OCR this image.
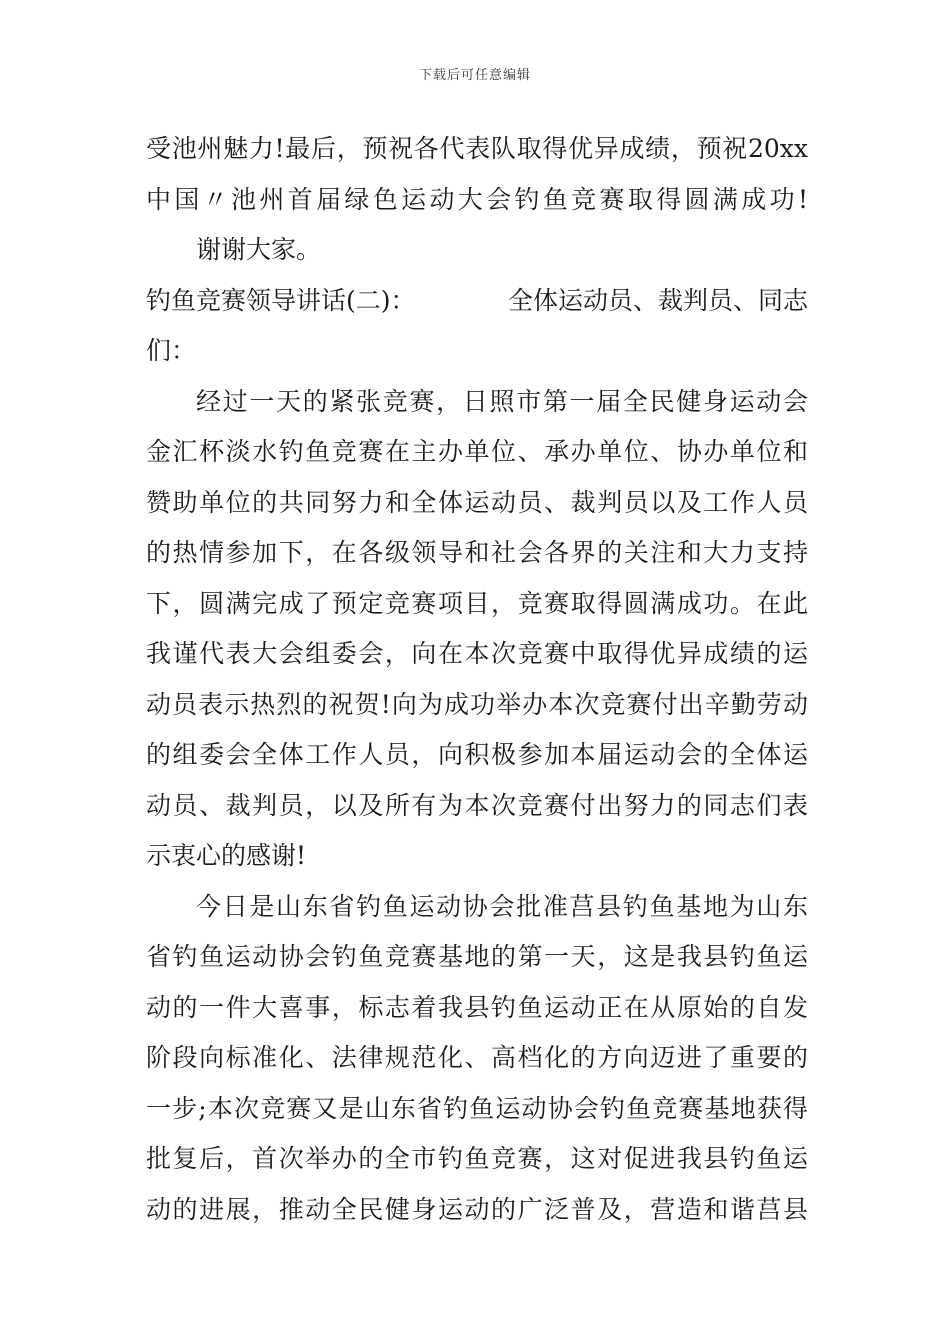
下载后可任意编辑
受池州魅力!最后，预祝各代表队取得优异成绩，预祝20xx
中国〃池州首届绿色运动大会钓鱼竞赛取得圆满成功!
谢谢大家。
钓鱼竞赛领导讲话(二)：	全体运动员、裁判员、同志
们：
经过一天的紧张竞赛，日照市第一届全民健身运动会
金汇杯淡水钓鱼竞赛在主办单位、承办单位、协办单位和
赞助单位的共同努力和全体运动员、裁判员以及工作人员
的热情参加下，在各级领导和社会各界的关注和大力支持
下，圆满完成了预定竞赛项目，竞赛取得圆满成功。在此
我谨代表大会组委会，向在本次竞赛中取得优异成绩的运
动员表示热烈的祝贺!向为成功举办本次竞赛付出辛勤劳动
的组委会全体工作人员，向积极参加本届运动会的全体运
动员、裁判员，以及所有为本次竞赛付出努力的同志们表
示衷心的感谢!
今日是山东省钓鱼运动协会批准莒县钓鱼基地为山东
省钓鱼运动协会钓鱼竞赛基地的第一天，这是我县钓鱼运
动的一件大喜事，标志着我县钓鱼运动正在从原始的自发
阶段向标准化、法律规范化、高档化的方向迈进了重要的
一步;本次竞赛又是山东省钓鱼运动协会钓鱼竞赛基地获得
批复后，首次举办的全市钓鱼竞赛，这对促进我县钓鱼运
动的进展，推动全民健身运动的广泛普及，营造和谐莒县
